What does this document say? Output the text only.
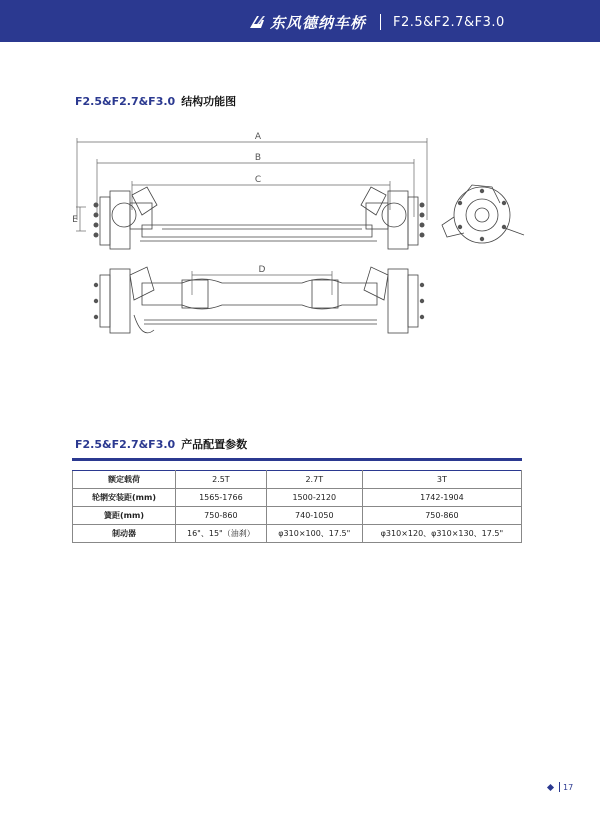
东风德纳车桥 F2.5&F2.7&F3.0
F2.5&F2.7&F3.0 结构功能图
A
B
C
D
E
F2.5&F2.7&F3.0 产品配置参数
额定载荷	2.5T	2.7T	3T
轮辋安装距(mm)	1565-1766	1500-2120	1742-1904
簧距(mm)	750-860	740-1050	750-860
制动器	16"、15"（油刹）	φ310×100、17.5"	φ310×120、φ310×130、17.5"
17
